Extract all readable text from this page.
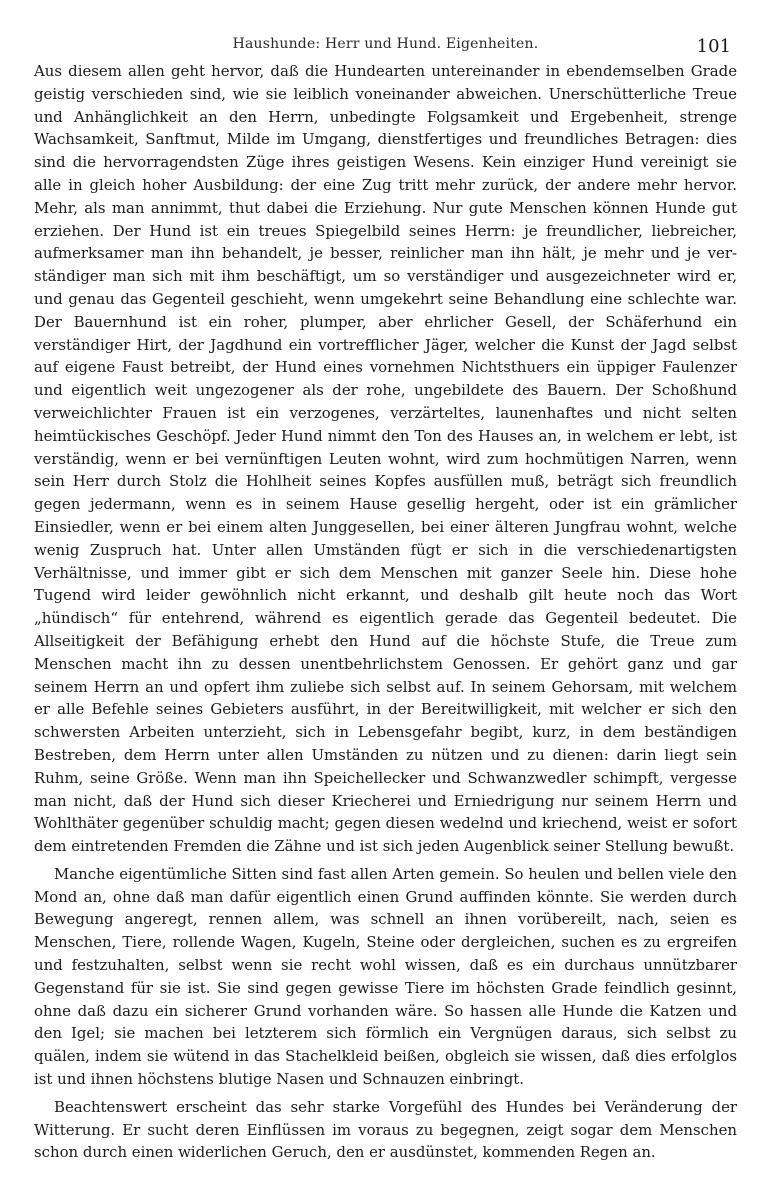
Haushunde: Herr und Hund. Eigenheiten.	101

Aus diesem allen geht hervor, daß die Hundearten untereinander in ebendemselben Grade geistig verschieden sind, wie sie leiblich voneinander abweichen. Unerschütterliche Treue und Anhänglichkeit an den Herrn, unbedingte Folgsamkeit und Ergebenheit, strenge Wachsamkeit, Sanftmut, Milde im Umgang, dienstfertiges und freundliches Betragen: dies sind die hervorragendsten Züge ihres geistigen Wesens. Kein einziger Hund vereinigt sie alle in gleich hoher Ausbildung: der eine Zug tritt mehr zurück, der andere mehr hervor. Mehr, als man annimmt, thut dabei die Erziehung. Nur gute Menschen können Hunde gut erziehen. Der Hund ist ein treues Spiegelbild seines Herrn: je freundlicher, liebreicher, aufmerksamer man ihn behandelt, je besser, reinlicher man ihn hält, je mehr und je verständiger man sich mit ihm beschäftigt, um so verständiger und ausgezeichneter wird er, und genau das Gegenteil geschieht, wenn umgekehrt seine Behandlung eine schlechte war. Der Bauernhund ist ein roher, plumper, aber ehrlicher Gesell, der Schäferhund ein verständiger Hirt, der Jagdhund ein vortrefflicher Jäger, welcher die Kunst der Jagd selbst auf eigene Faust betreibt, der Hund eines vornehmen Nichtsthuers ein üppiger Faulenzer und eigentlich weit ungezogener als der rohe, ungebildete des Bauern. Der Schoßhund verweichlichter Frauen ist ein verzogenes, verzärteltes, launenhaftes und nicht selten heimtückisches Geschöpf. Jeder Hund nimmt den Ton des Hauses an, in welchem er lebt, ist verständig, wenn er bei vernünftigen Leuten wohnt, wird zum hochmütigen Narren, wenn sein Herr durch Stolz die Hohlheit seines Kopfes ausfüllen muß, beträgt sich freundlich gegen jedermann, wenn es in seinem Hause gesellig hergeht, oder ist ein grämlicher Einsiedler, wenn er bei einem alten Junggesellen, bei einer älteren Jungfrau wohnt, welche wenig Zuspruch hat. Unter allen Umständen fügt er sich in die verschiedenartigsten Verhältnisse, und immer gibt er sich dem Menschen mit ganzer Seele hin. Diese hohe Tugend wird leider gewöhnlich nicht erkannt, und deshalb gilt heute noch das Wort „hündisch“ für entehrend, während es eigentlich gerade das Gegenteil bedeutet. Die Allseitigkeit der Befähigung erhebt den Hund auf die höchste Stufe, die Treue zum Menschen macht ihn zu dessen unentbehrlichstem Genossen. Er gehört ganz und gar seinem Herrn an und opfert ihm zuliebe sich selbst auf. In seinem Gehorsam, mit welchem er alle Befehle seines Gebieters ausführt, in der Bereitwilligkeit, mit welcher er sich den schwersten Arbeiten unterzieht, sich in Lebensgefahr begibt, kurz, in dem beständigen Bestreben, dem Herrn unter allen Umständen zu nützen und zu dienen: darin liegt sein Ruhm, seine Größe. Wenn man ihn Speichellecker und Schwanzwedler schimpft, vergesse man nicht, daß der Hund sich dieser Kriecherei und Erniedrigung nur seinem Herrn und Wohlthäter gegenüber schuldig macht; gegen diesen wedelnd und kriechend, weist er sofort dem eintretenden Fremden die Zähne und ist sich jeden Augenblick seiner Stellung bewußt.

Manche eigentümliche Sitten sind fast allen Arten gemein. So heulen und bellen viele den Mond an, ohne daß man dafür eigentlich einen Grund auffinden könnte. Sie werden durch Bewegung angeregt, rennen allem, was schnell an ihnen vorübereilt, nach, seien es Menschen, Tiere, rollende Wagen, Kugeln, Steine oder dergleichen, suchen es zu ergreifen und festzuhalten, selbst wenn sie recht wohl wissen, daß es ein durchaus unnützbarer Gegenstand für sie ist. Sie sind gegen gewisse Tiere im höchsten Grade feindlich gesinnt, ohne daß dazu ein sicherer Grund vorhanden wäre. So hassen alle Hunde die Katzen und den Igel; sie machen bei letzterem sich förmlich ein Vergnügen daraus, sich selbst zu quälen, indem sie wütend in das Stachelkleid beißen, obgleich sie wissen, daß dies erfolglos ist und ihnen höchstens blutige Nasen und Schnauzen einbringt.

Beachtenswert erscheint das sehr starke Vorgefühl des Hundes bei Veränderung der Witterung. Er sucht deren Einflüssen im voraus zu begegnen, zeigt sogar dem Menschen schon durch einen widerlichen Geruch, den er ausdünstet, kommenden Regen an.
